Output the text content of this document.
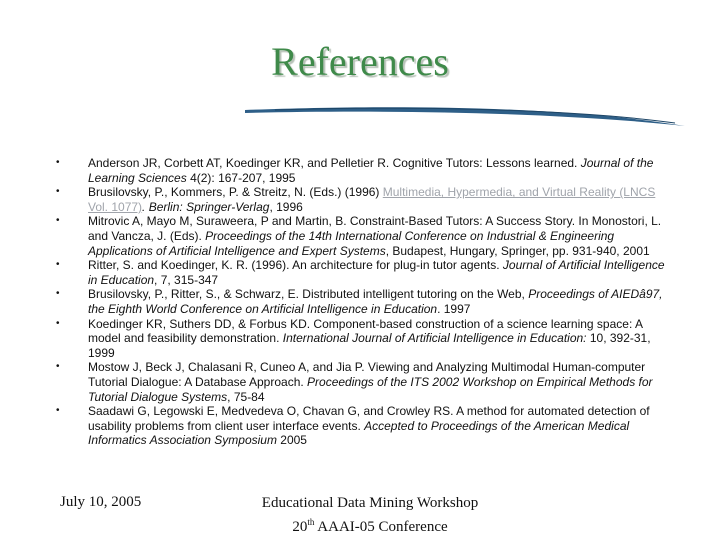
References
•	Anderson JR, Corbett AT, Koedinger KR, and Pelletier R. Cognitive Tutors: Lessons learned. Journal of the Learning Sciences 4(2): 167-207, 1995
•	Brusilovsky, P., Kommers, P. & Streitz, N. (Eds.) (1996) Multimedia, Hypermedia, and Virtual Reality (LNCS Vol. 1077). Berlin: Springer-Verlag, 1996
•	Mitrovic A, Mayo M, Suraweera, P and Martin, B. Constraint-Based Tutors: A Success Story. In Monostori, L. and Vancza, J. (Eds). Proceedings of the 14th International Conference on Industrial & Engineering Applications of Artificial Intelligence and Expert Systems, Budapest, Hungary, Springer, pp. 931-940, 2001
•	Ritter, S. and Koedinger, K. R. (1996). An architecture for plug-in tutor agents. Journal of Artificial Intelligence in Education, 7, 315-347
•	Brusilovsky, P., Ritter, S., & Schwarz, E. Distributed intelligent tutoring on the Web, Proceedings of AIEDâ97, the Eighth World Conference on Artificial Intelligence in Education. 1997
•	Koedinger KR, Suthers DD, & Forbus KD. Component-based construction of a science learning space: A model and feasibility demonstration. International Journal of Artificial Intelligence in Education: 10, 392-31, 1999
•	Mostow J, Beck J, Chalasani R, Cuneo A, and Jia P. Viewing and Analyzing Multimodal Human-computer Tutorial Dialogue: A Database Approach. Proceedings of the ITS 2002 Workshop on Empirical Methods for Tutorial Dialogue Systems, 75-84
•	Saadawi G, Legowski E, Medvedeva O, Chavan G, and Crowley RS. A method for automated detection of usability problems from client user interface events. Accepted to Proceedings of the American Medical Informatics Association Symposium 2005
July 10, 2005	Educational Data Mining Workshop
20th AAAI-05 Conference
